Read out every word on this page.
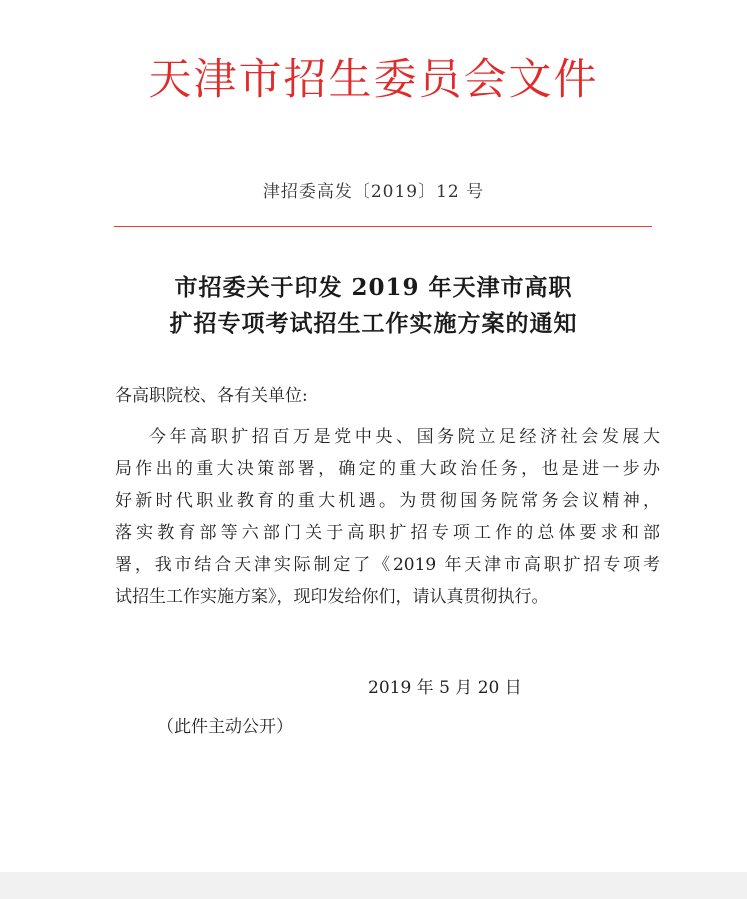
天津市招生委员会文件
津招委高发〔2019〕12 号
市招委关于印发 2019 年天津市高职
扩招专项考试招生工作实施方案的通知
各高职院校、各有关单位:
今年高职扩招百万是党中央、国务院立足经济社会发展大
局作出的重大决策部署，确定的重大政治任务，也是进一步办
好新时代职业教育的重大机遇。为贯彻国务院常务会议精神，
落实教育部等六部门关于高职扩招专项工作的总体要求和部
署，我市结合天津实际制定了《2019 年天津市高职扩招专项考
试招生工作实施方案》，现印发给你们，请认真贯彻执行。
2019 年 5 月 20 日
（此件主动公开）
